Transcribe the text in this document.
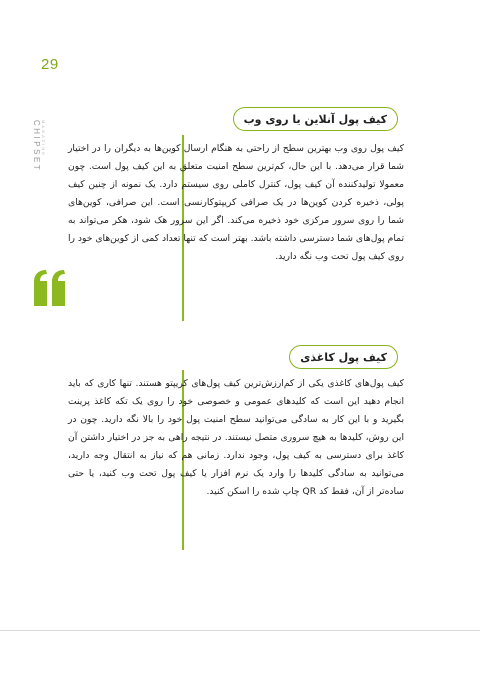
29
MAGAZINE
CHIPSET
کیف پول آنلاین یا روی وب

کیف پول روی وب بهترین سطح از راحتی به هنگام ارسال کوین‌ها به دیگران را در اختیار شما قرار می‌دهد. با این حال، کم‌ترین سطح امنیت متعلق به این کیف پول است. چون معمولا تولیدکننده آن کیف پول، کنترل کاملی روی سیستم دارد. یک نمونه از چنین کیف پولی، ذخیره کردن کوین‌ها در یک صرافی کریپتوکارنسی است. این صرافی، کوین‌های شما را روی سرور مرکزی خود ذخیره می‌کند. اگر این سرور هک شود، هکر می‌تواند به تمام پول‌های شما دسترسی داشته باشد. بهتر است که تنها تعداد کمی از کوین‌های خود را روی کیف پول تحت وب نگه دارید.

کیف پول کاغذی

کیف پول‌های کاغذی یکی از کم‌ارزش‌ترین کیف پول‌های کریپتو هستند. تنها کاری که باید انجام دهید این است که کلیدهای عمومی و خصوصی خود را روی یک تکه کاغذ پرینت بگیرید و با این کار به سادگی می‌توانید سطح امنیت پول خود را بالا نگه دارید. چون در این روش، کلیدها به هیچ سروری متصل نیستند. در نتیجه راهی به جز در اختیار داشتن آن کاغذ برای دسترسی به کیف پول، وجود ندارد. زمانی هم که نیاز به انتقال وجه دارید، می‌توانید به سادگی کلیدها را وارد یک نرم افزار یا کیف پول تحت وب کنید، یا حتی ساده‌تر از آن، فقط کد QR چاپ شده را اسکن کنید.
